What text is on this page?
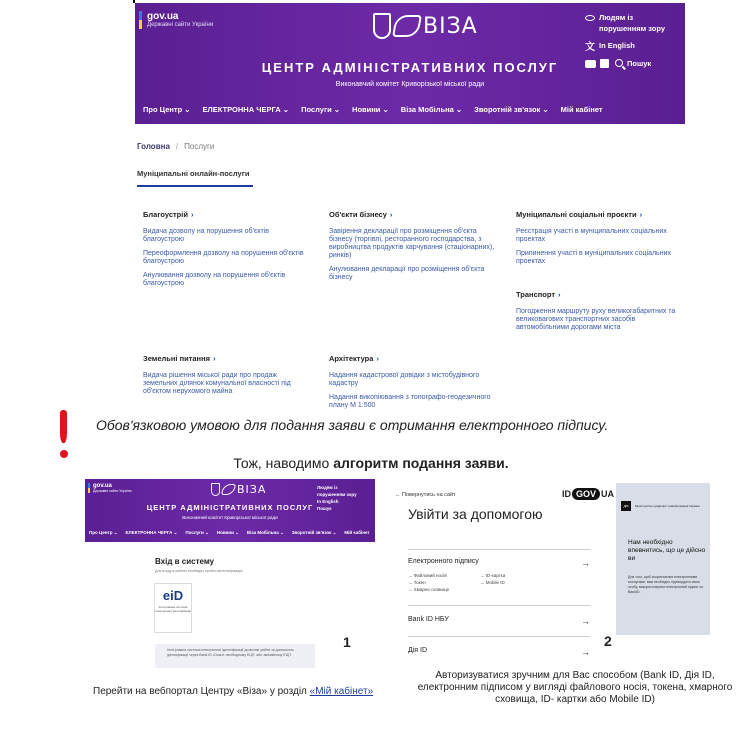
gov.ua
Державні сайти України	ВІЗА
ЦЕНТР АДМІНІСТРАТИВНИХ ПОСЛУГ
Виконавчий комітет Криворізької міської ради
Людям із
порушенням зору
文 In English
Пошук
Про Центр ⌄ ЕЛЕКТРОННА ЧЕРГА ⌄ Послуги ⌄ Новини ⌄ Віза Мобільна ⌄ Зворотній зв'язок ⌄ Мій кабінет
Головна / Послуги
Муніципальні онлайн-послуги
Благоустрій ›
Видача дозволу на порушення об'єктів благоустрою
Переоформлення дозволу на порушення об'єктів благоустрою
Анулювання дозволу на порушення об'єктів благоустрою
Об'єкти бізнесу ›
Завірення декларації про розміщення об'єкта бізнесу (торгівлі, ресторанного господарства, з виробництва продуктів харчування (стаціонарних), ринків)
Анулювання декларації про розміщення об'єкта бізнесу
Муніципальні соціальні проєкти ›
Реєстрація участі в муніципальних соціальних проектах
Припинення участі в муніципальних соціальних проектах
Транспорт ›
Погодження маршруту руху великогабаритних та великовагових транспортних засобів автомобільними дорогами міста
Земельні питання ›
Видача рішення міської ради про продаж земельних ділянок комунальної власності під об'єктом нерухомого майна
Архітектура ›
Надання кадастрової довідки з містобудівного кадастру
Надання викопіювання з топографо-геодезичного плану М 1:500
Обов'язковою умовою для подання заяви є отримання електронного підпису.
Тож, наводимо алгоритм подання заяви.
gov.ua
Державні сайти України	ВІЗА
ЦЕНТР АДМІНІСТРАТИВНИХ ПОСЛУГ
Виконавчий комітет Криворізької міської ради
Людям із
порушенням зору
In English
Пошук
Про Центр ⌄ ЕЛЕКТРОННА ЧЕРГА ⌄ Послуги ⌄ Новини ⌄ Віза Мобільна ⌄ Зворотній зв'язок ⌄ Мій кабінет
Вхід в систему
Для входу в кабінет необхідно пройти автентифікацію
eiD
Інтегрована система електронної ідентифікації
Інтегрована система електронної ідентифікації дозволяє увійти за допомогою ідентифікації через Bank iD, iDcard, необхідному ЕЦП, або звичайному ЕЦП.
1
Перейти на вебпортал Центру «Віза» у розділ «Мій кабінет»
← Повернутись на сайт	ID GOV UA
Увійти за допомогою
Електронного підпису	→
→ Файловий носій
→ Токен
→ Хмарне сховище
→ ID-картка
→ Mobile ID
Bank ID НБУ	→
Дія ID	→
дія	Міністерство цифрової трансформації України
Нам необхідно впевнитись, що це дійсно ви
Для того, щоб скористатися електронними послугами, вам необхідно підтвердити свою особу, використовуючи електронний підпис чи BankID.
2
Авторизуватися зручним для Вас способом (Bank ID, Дія ID, електронним підписом у вигляді файлового носія, токена, хмарного сховища, ID- картки або Mobile ID)
